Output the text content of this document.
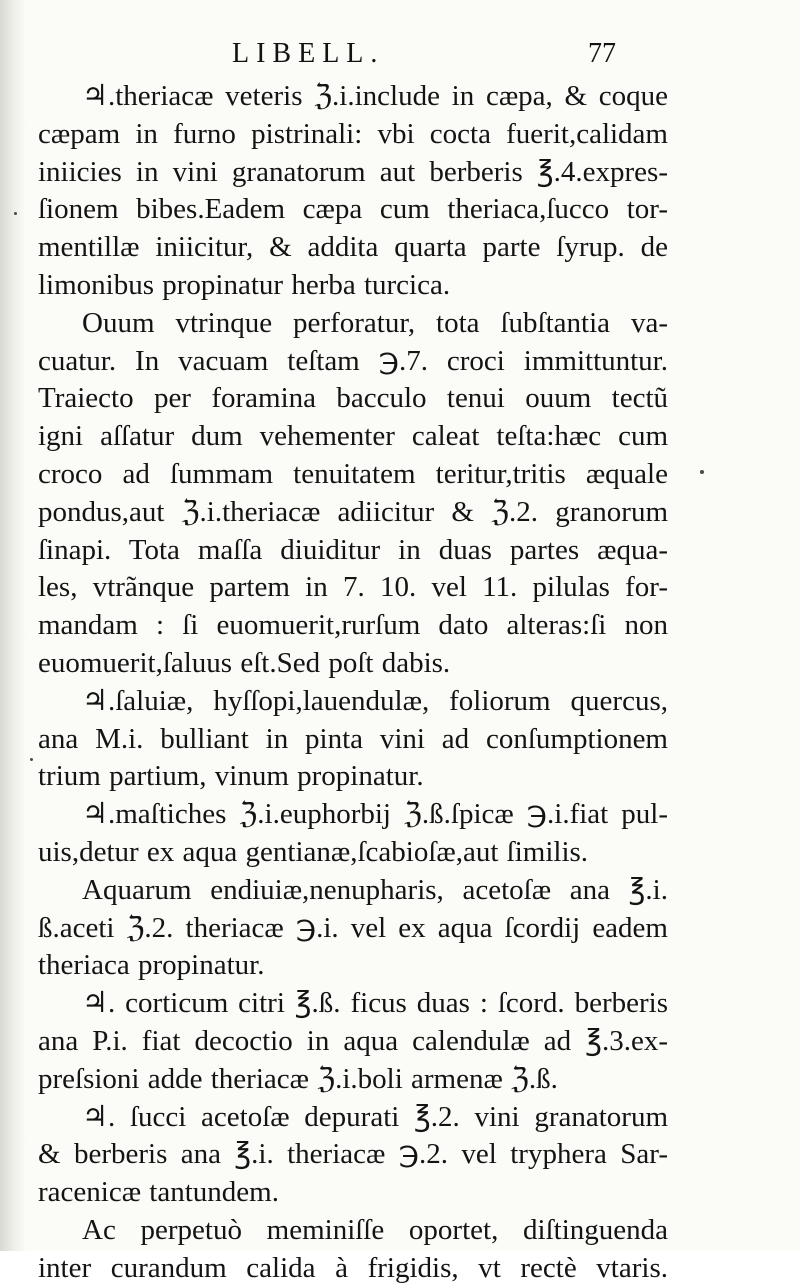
LIBELL.	77
♃.theriacæ veteris ℨ.i.include in cæpa, & coque
cæpam in furno pistrinali: vbi cocta fuerit,calidam
iniicies in vini granatorum aut berberis ℥.4.expres-
ſionem bibes.Eadem cæpa cum theriaca,ſucco tor-
mentillæ iniicitur, & addita quarta parte ſyrup. de
limonibus propinatur herba turcica.
Ouum vtrinque perforatur, tota ſubſtantia va-
cuatur. In vacuam teſtam ℈.7. croci immittuntur.
Traiecto per foramina bacculo tenui ouum tectũ
igni aſſatur dum vehementer caleat teſta:hæc cum
croco ad ſummam tenuitatem teritur,tritis æquale
pondus,aut ℨ.i.theriacæ adiicitur & ℨ.2. granorum
ſinapi. Tota maſſa diuiditur in duas partes æqua-
les, vtrãnque partem in 7. 10. vel 11. pilulas for-
mandam : ſi euomuerit,rurſum dato alteras:ſi non
euomuerit,ſaluus eſt.Sed poſt dabis.
♃.ſaluiæ, hyſſopi,lauendulæ, foliorum quercus,
ana M.i. bulliant in pinta vini ad conſumptionem
trium partium, vinum propinatur.
♃.maſtiches ℨ.i.euphorbij ℨ.ß.ſpicæ ℈.i.fiat pul-
uis,detur ex aqua gentianæ,ſcabioſæ,aut ſimilis.
Aquarum endiuiæ,nenupharis, acetoſæ ana ℥.i.
ß.aceti ℨ.2. theriacæ ℈.i. vel ex aqua ſcordij eadem
theriaca propinatur.
♃. corticum citri ℥.ß. ficus duas : ſcord. berberis
ana P.i. fiat decoctio in aqua calendulæ ad ℥.3.ex-
preſsioni adde theriacæ ℨ.i.boli armenæ ℨ.ß.
♃. ſucci acetoſæ depurati ℥.2. vini granatorum
& berberis ana ℥.i. theriacæ ℈.2. vel tryphera Sar-
racenicæ tantundem.
Ac perpetuò meminiſſe oportet, diſtinguenda
inter curandum calida à frigidis, vt rectè vtaris.
